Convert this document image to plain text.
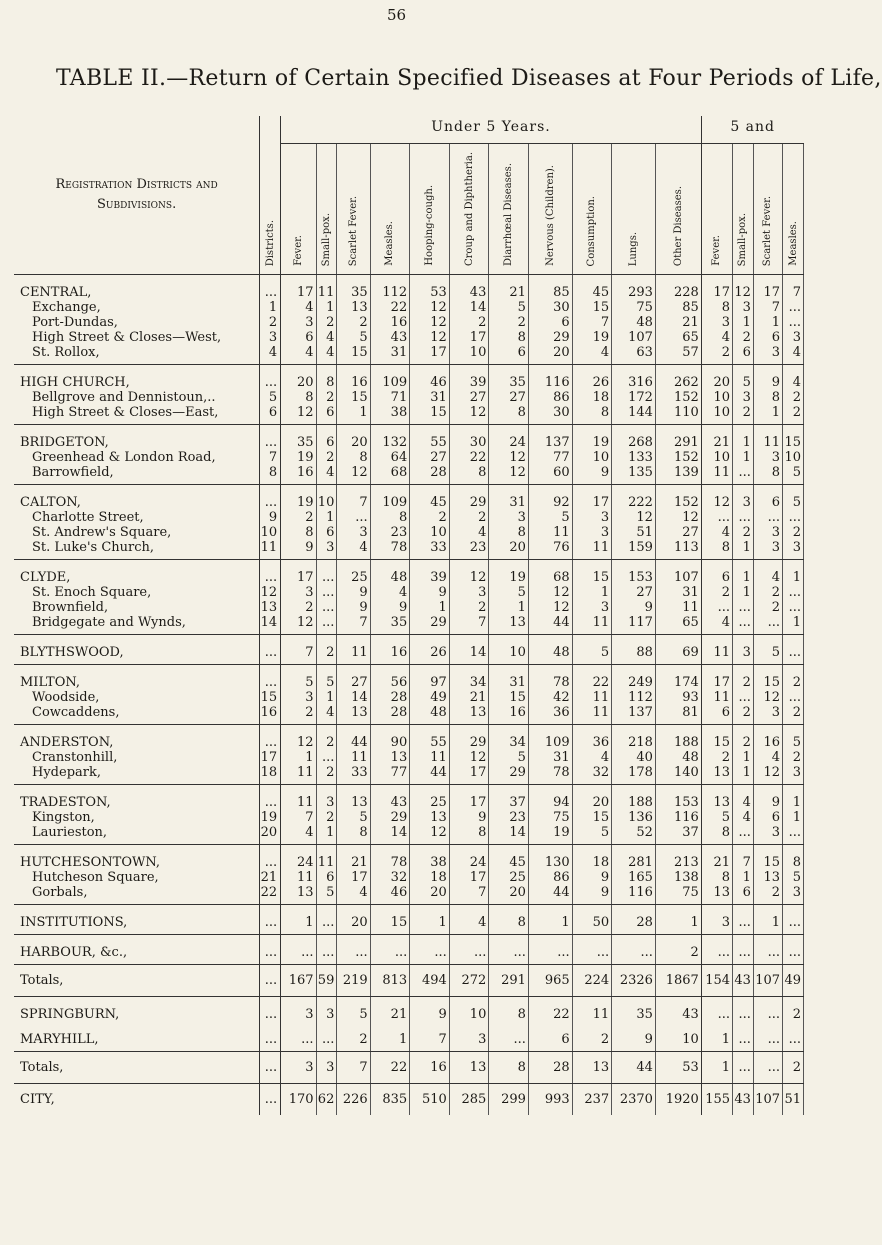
56
TABLE II.—Return of Certain Specified Diseases at Four Periods of Life,
Registration Districts and Subdivisions.	Districts.	Under 5 Years.											5 and			
		Fever.	Small-pox.	Scarlet Fever.	Measles.	Hooping-cough.	Croup and Diphtheria.	Diarrhœal Diseases.	Nervous (Children).	Consumption.	Lungs.	Other Diseases.	Fever.	Small-pox.	Scarlet Fever.	Measles.
CENTRAL,	...	17	11	35	112	53	43	21	85	45	293	228	17	12	17	7
Exchange,	1	4	1	13	22	12	14	5	30	15	75	85	8	3	7	...
Port-Dundas,	2	3	2	2	16	12	2	2	6	7	48	21	3	1	1	...
High Street & Closes—West,	3	6	4	5	43	12	17	8	29	19	107	65	4	2	6	3
St. Rollox,	4	4	4	15	31	17	10	6	20	4	63	57	2	6	3	4
HIGH CHURCH,	...	20	8	16	109	46	39	35	116	26	316	262	20	5	9	4
Bellgrove and Dennistoun,..	5	8	2	15	71	31	27	27	86	18	172	152	10	3	8	2
High Street & Closes—East,	6	12	6	1	38	15	12	8	30	8	144	110	10	2	1	2
BRIDGETON,	...	35	6	20	132	55	30	24	137	19	268	291	21	1	11	15
Greenhead & London Road,	7	19	2	8	64	27	22	12	77	10	133	152	10	1	3	10
Barrowfield,	8	16	4	12	68	28	8	12	60	9	135	139	11	...	8	5
CALTON,	...	19	10	7	109	45	29	31	92	17	222	152	12	3	6	5
Charlotte Street,	9	2	1	...	8	2	2	3	5	3	12	12	...	...	...	...
St. Andrew's Square,	10	8	6	3	23	10	4	8	11	3	51	27	4	2	3	2
St. Luke's Church,	11	9	3	4	78	33	23	20	76	11	159	113	8	1	3	3
CLYDE,	...	17	...	25	48	39	12	19	68	15	153	107	6	1	4	1
St. Enoch Square,	12	3	...	9	4	9	3	5	12	1	27	31	2	1	2	...
Brownfield,	13	2	...	9	9	1	2	1	12	3	9	11	...	...	2	...
Bridgegate and Wynds,	14	12	...	7	35	29	7	13	44	11	117	65	4	...	...	1
BLYTHSWOOD,	...	7	2	11	16	26	14	10	48	5	88	69	11	3	5	...
MILTON,	...	5	5	27	56	97	34	31	78	22	249	174	17	2	15	2
Woodside,	15	3	1	14	28	49	21	15	42	11	112	93	11	...	12	...
Cowcaddens,	16	2	4	13	28	48	13	16	36	11	137	81	6	2	3	2
ANDERSTON,	...	12	2	44	90	55	29	34	109	36	218	188	15	2	16	5
Cranstonhill,	17	1	...	11	13	11	12	5	31	4	40	48	2	1	4	2
Hydepark,	18	11	2	33	77	44	17	29	78	32	178	140	13	1	12	3
TRADESTON,	...	11	3	13	43	25	17	37	94	20	188	153	13	4	9	1
Kingston,	19	7	2	5	29	13	9	23	75	15	136	116	5	4	6	1
Laurieston,	20	4	1	8	14	12	8	14	19	5	52	37	8	...	3	...
HUTCHESONTOWN,	...	24	11	21	78	38	24	45	130	18	281	213	21	7	15	8
Hutcheson Square,	21	11	6	17	32	18	17	25	86	9	165	138	8	1	13	5
Gorbals,	22	13	5	4	46	20	7	20	44	9	116	75	13	6	2	3
INSTITUTIONS,	...	1	...	20	15	1	4	8	1	50	28	1	3	...	1	...
HARBOUR, &c.,	...	...	...	...	...	...	...	...	...	...	...	2	...	...	...	...
Totals,	...	167	59	219	813	494	272	291	965	224	2326	1867	154	43	107	49
SPRINGBURN,	...	3	3	5	21	9	10	8	22	11	35	43	...	...	...	2
MARYHILL,	...	...	...	2	1	7	3	...	6	2	9	10	1	...	...	...
Totals,	...	3	3	7	22	16	13	8	28	13	44	53	1	...	...	2
CITY,	...	170	62	226	835	510	285	299	993	237	2370	1920	155	43	107	51
